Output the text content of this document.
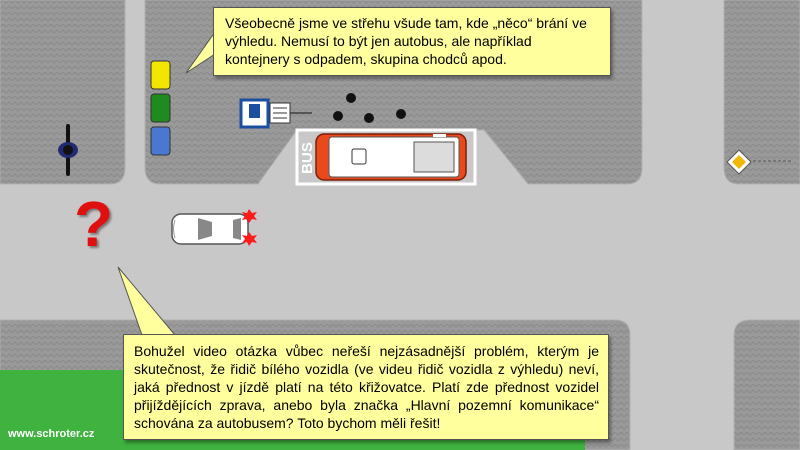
BUS
?
Všeobecně jsme ve střehu všude tam, kde „něco“ brání ve výhledu. Nemusí to být jen autobus, ale například kontejnery s odpadem, skupina chodců apod.
Bohužel video otázka vůbec neřeší nejzásadnější problém, kterým je skutečnost, že řidič bílého vozidla (ve videu řidič vozidla z výhledu) neví, jaká přednost v jízdě platí na této křižovatce. Platí zde přednost vozidel přijíždějících zprava, anebo byla značka „Hlavní pozemní komunikace“ schována za autobusem? Toto bychom měli řešit!
www.schroter.cz
